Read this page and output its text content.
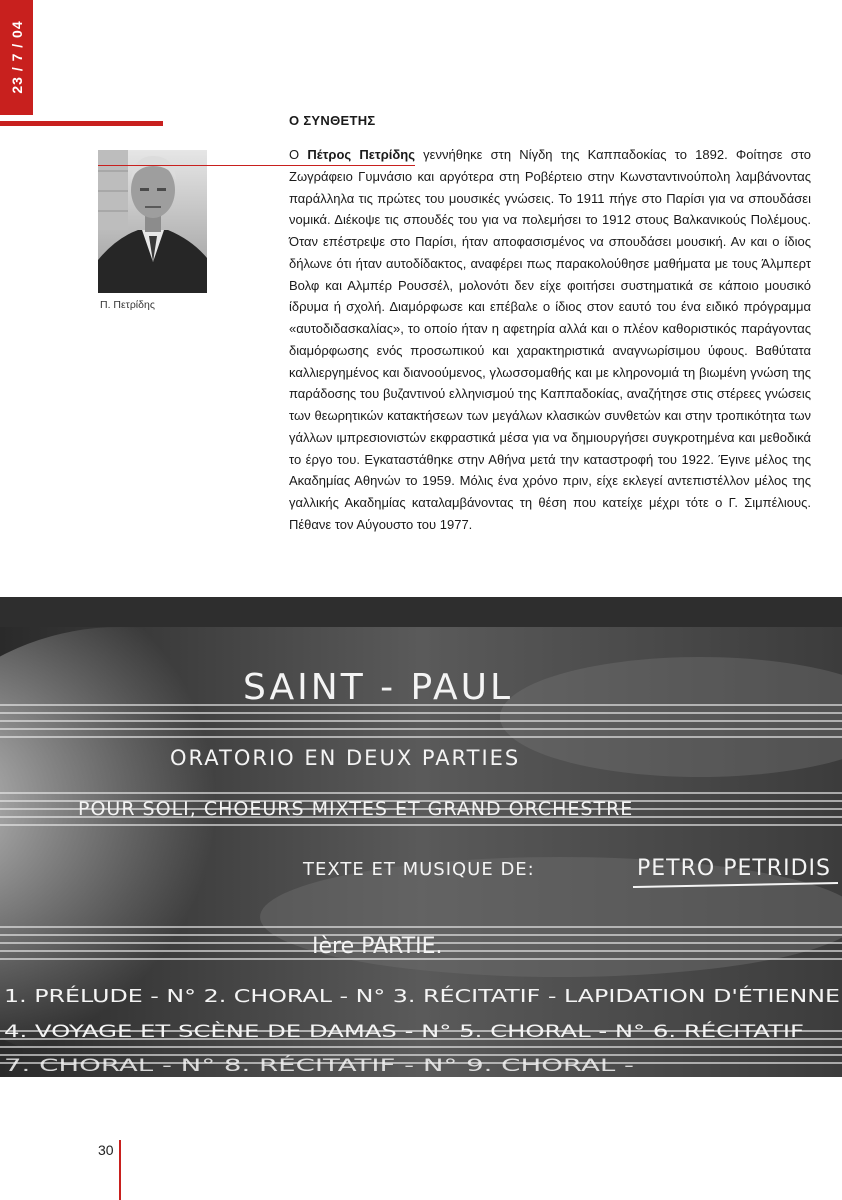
23 / 7 / 04
Π. Πετρίδης
Ο ΣΥΝΘΕΤΗΣ
Ο Πέτρος Πετρίδης γεννήθηκε στη Νίγδη της Καππαδοκίας το 1892. Φοίτησε στο Ζωγράφειο Γυμνάσιο και αργότερα στη Ροβέρτειο στην Κωνσταντινούπολη λαμβάνοντας παράλληλα τις πρώτες του μουσικές γνώσεις. Το 1911 πήγε στο Παρίσι για να σπουδάσει νομικά. Διέκοψε τις σπουδές του για να πολεμήσει το 1912 στους Βαλκανικούς Πολέμους. Όταν επέστρεψε στο Παρίσι, ήταν αποφασισμένος να σπουδάσει μουσική. Αν και ο ίδιος δήλωνε ότι ήταν αυτοδίδακτος, αναφέρει πως παρακολούθησε μαθήματα με τους Άλμπερτ Βολφ και Αλμπέρ Ρουσσέλ, μολονότι δεν είχε φοιτήσει συστηματικά σε κάποιο μουσικό ίδρυμα ή σχολή. Διαμόρφωσε και επέβαλε ο ίδιος στον εαυτό του ένα ειδικό πρόγραμμα «αυτοδιδασκαλίας», το οποίο ήταν η αφετηρία αλλά και ο πλέον καθοριστικός παράγοντας διαμόρφωσης ενός προσωπικού και χαρακτηριστικά αναγνωρίσιμου ύφους. Βαθύτατα καλλιεργημένος και διανοούμενος, γλωσσομαθής και με κληρονομιά τη βιωμένη γνώση της παράδοσης του βυζαντινού ελληνισμού της Καππαδοκίας, αναζήτησε στις στέρεες γνώσεις των θεωρητικών κατακτήσεων των μεγάλων κλασικών συνθετών και στην τροπικότητα των γάλλων ιμπρεσιονιστών εκφραστικά μέσα για να δημιουργήσει συγκροτημένα και μεθοδικά το έργο του. Εγκαταστάθηκε στην Αθήνα μετά την καταστροφή του 1922. Έγινε μέλος της Ακαδημίας Αθηνών το 1959. Μόλις ένα χρόνο πριν, είχε εκλεγεί αντεπιστέλλον μέλος της γαλλικής Ακαδημίας καταλαμβάνοντας τη θέση που κατείχε μέχρι τότε ο Γ. Σιμπέλιους. Πέθανε τον Αύγουστο του 1977.
SAINT - PAUL
ORATORIO EN DEUX PARTIES
POUR SOLI, CHOEURS MIXTES ET GRAND ORCHESTRE
TEXTE ET MUSIQUE DE:	PETRO PETRIDIS
Ière PARTIE.
1. PRÉLUDE - N° 2. CHORAL - N° 3. RÉCITATIF - LAPIDATION D'ÉTIENNE
4. VOYAGE ET SCÈNE DE DAMAS - N° 5. CHORAL - N° 6. RÉCITATIF
7. CHORAL - N° 8. RÉCITATIF - N° 9. CHORAL -
30
